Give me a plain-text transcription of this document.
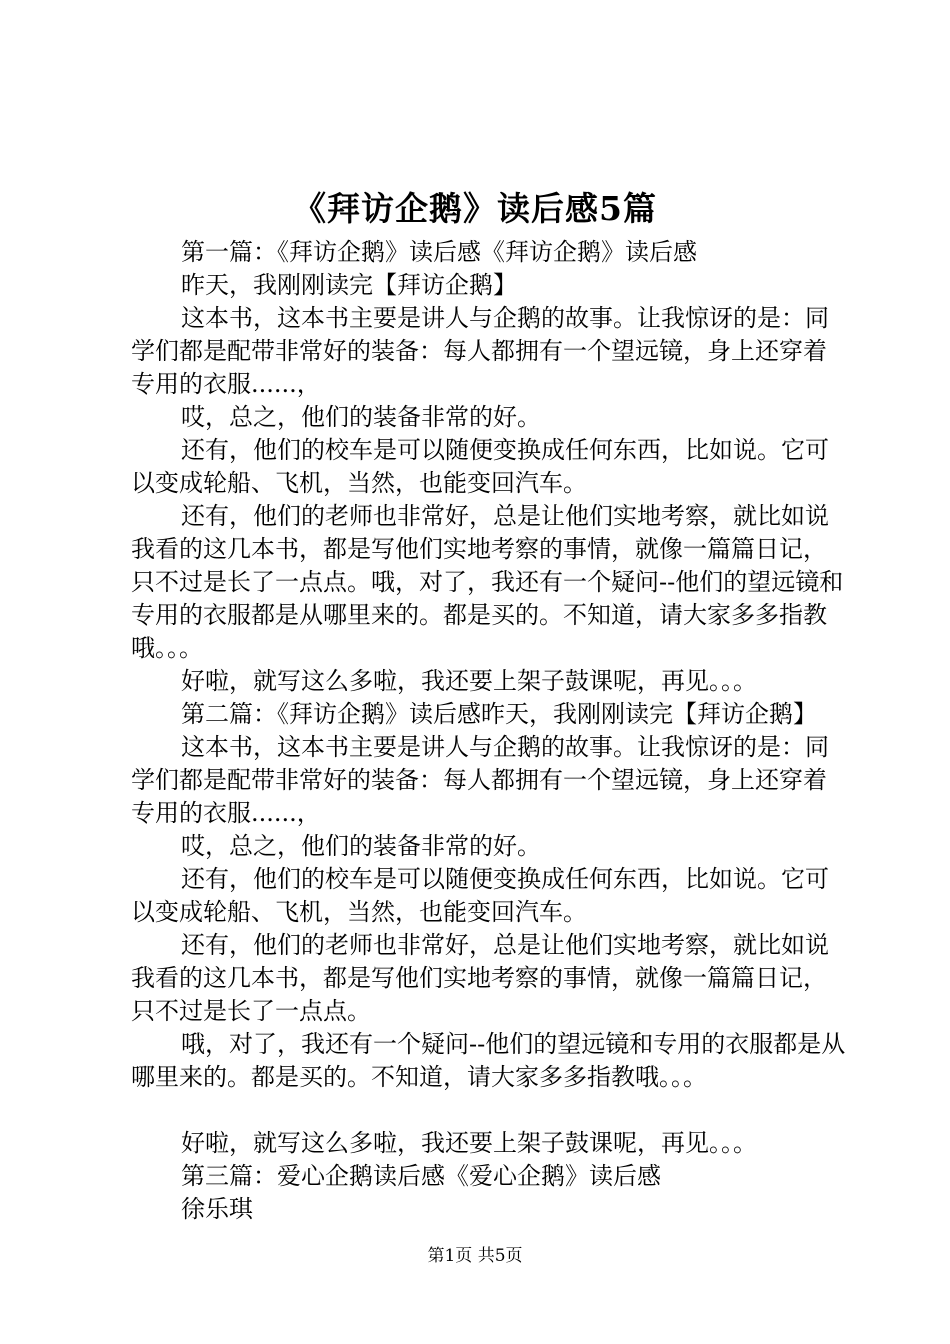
《拜访企鹅》读后感5篇

第一篇：《拜访企鹅》读后感《拜访企鹅》读后感

昨天，我刚刚读完【拜访企鹅】

这本书，这本书主要是讲人与企鹅的故事。让我惊讶的是：同学们都是配带非常好的装备：每人都拥有一个望远镜，身上还穿着专用的衣服......，

哎，总之，他们的装备非常的好。

还有，他们的校车是可以随便变换成任何东西，比如说。它可以变成轮船、飞机，当然，也能变回汽车。

还有，他们的老师也非常好，总是让他们实地考察，就比如说我看的这几本书，都是写他们实地考察的事情，就像一篇篇日记，只不过是长了一点点。哦，对了，我还有一个疑问--他们的望远镜和专用的衣服都是从哪里来的。都是买的。不知道，请大家多多指教哦。。。

好啦，就写这么多啦，我还要上架子鼓课呢，再见。。。

第二篇：《拜访企鹅》读后感昨天，我刚刚读完【拜访企鹅】

这本书，这本书主要是讲人与企鹅的故事。让我惊讶的是：同学们都是配带非常好的装备：每人都拥有一个望远镜，身上还穿着专用的衣服......，

哎，总之，他们的装备非常的好。

还有，他们的校车是可以随便变换成任何东西，比如说。它可以变成轮船、飞机，当然，也能变回汽车。

还有，他们的老师也非常好，总是让他们实地考察，就比如说我看的这几本书，都是写他们实地考察的事情，就像一篇篇日记，只不过是长了一点点。

哦，对了，我还有一个疑问--他们的望远镜和专用的衣服都是从哪里来的。都是买的。不知道，请大家多多指教哦。。。

好啦，就写这么多啦，我还要上架子鼓课呢，再见。。。

第三篇：爱心企鹅读后感《爱心企鹅》读后感

徐乐琪

第1页 共5页
